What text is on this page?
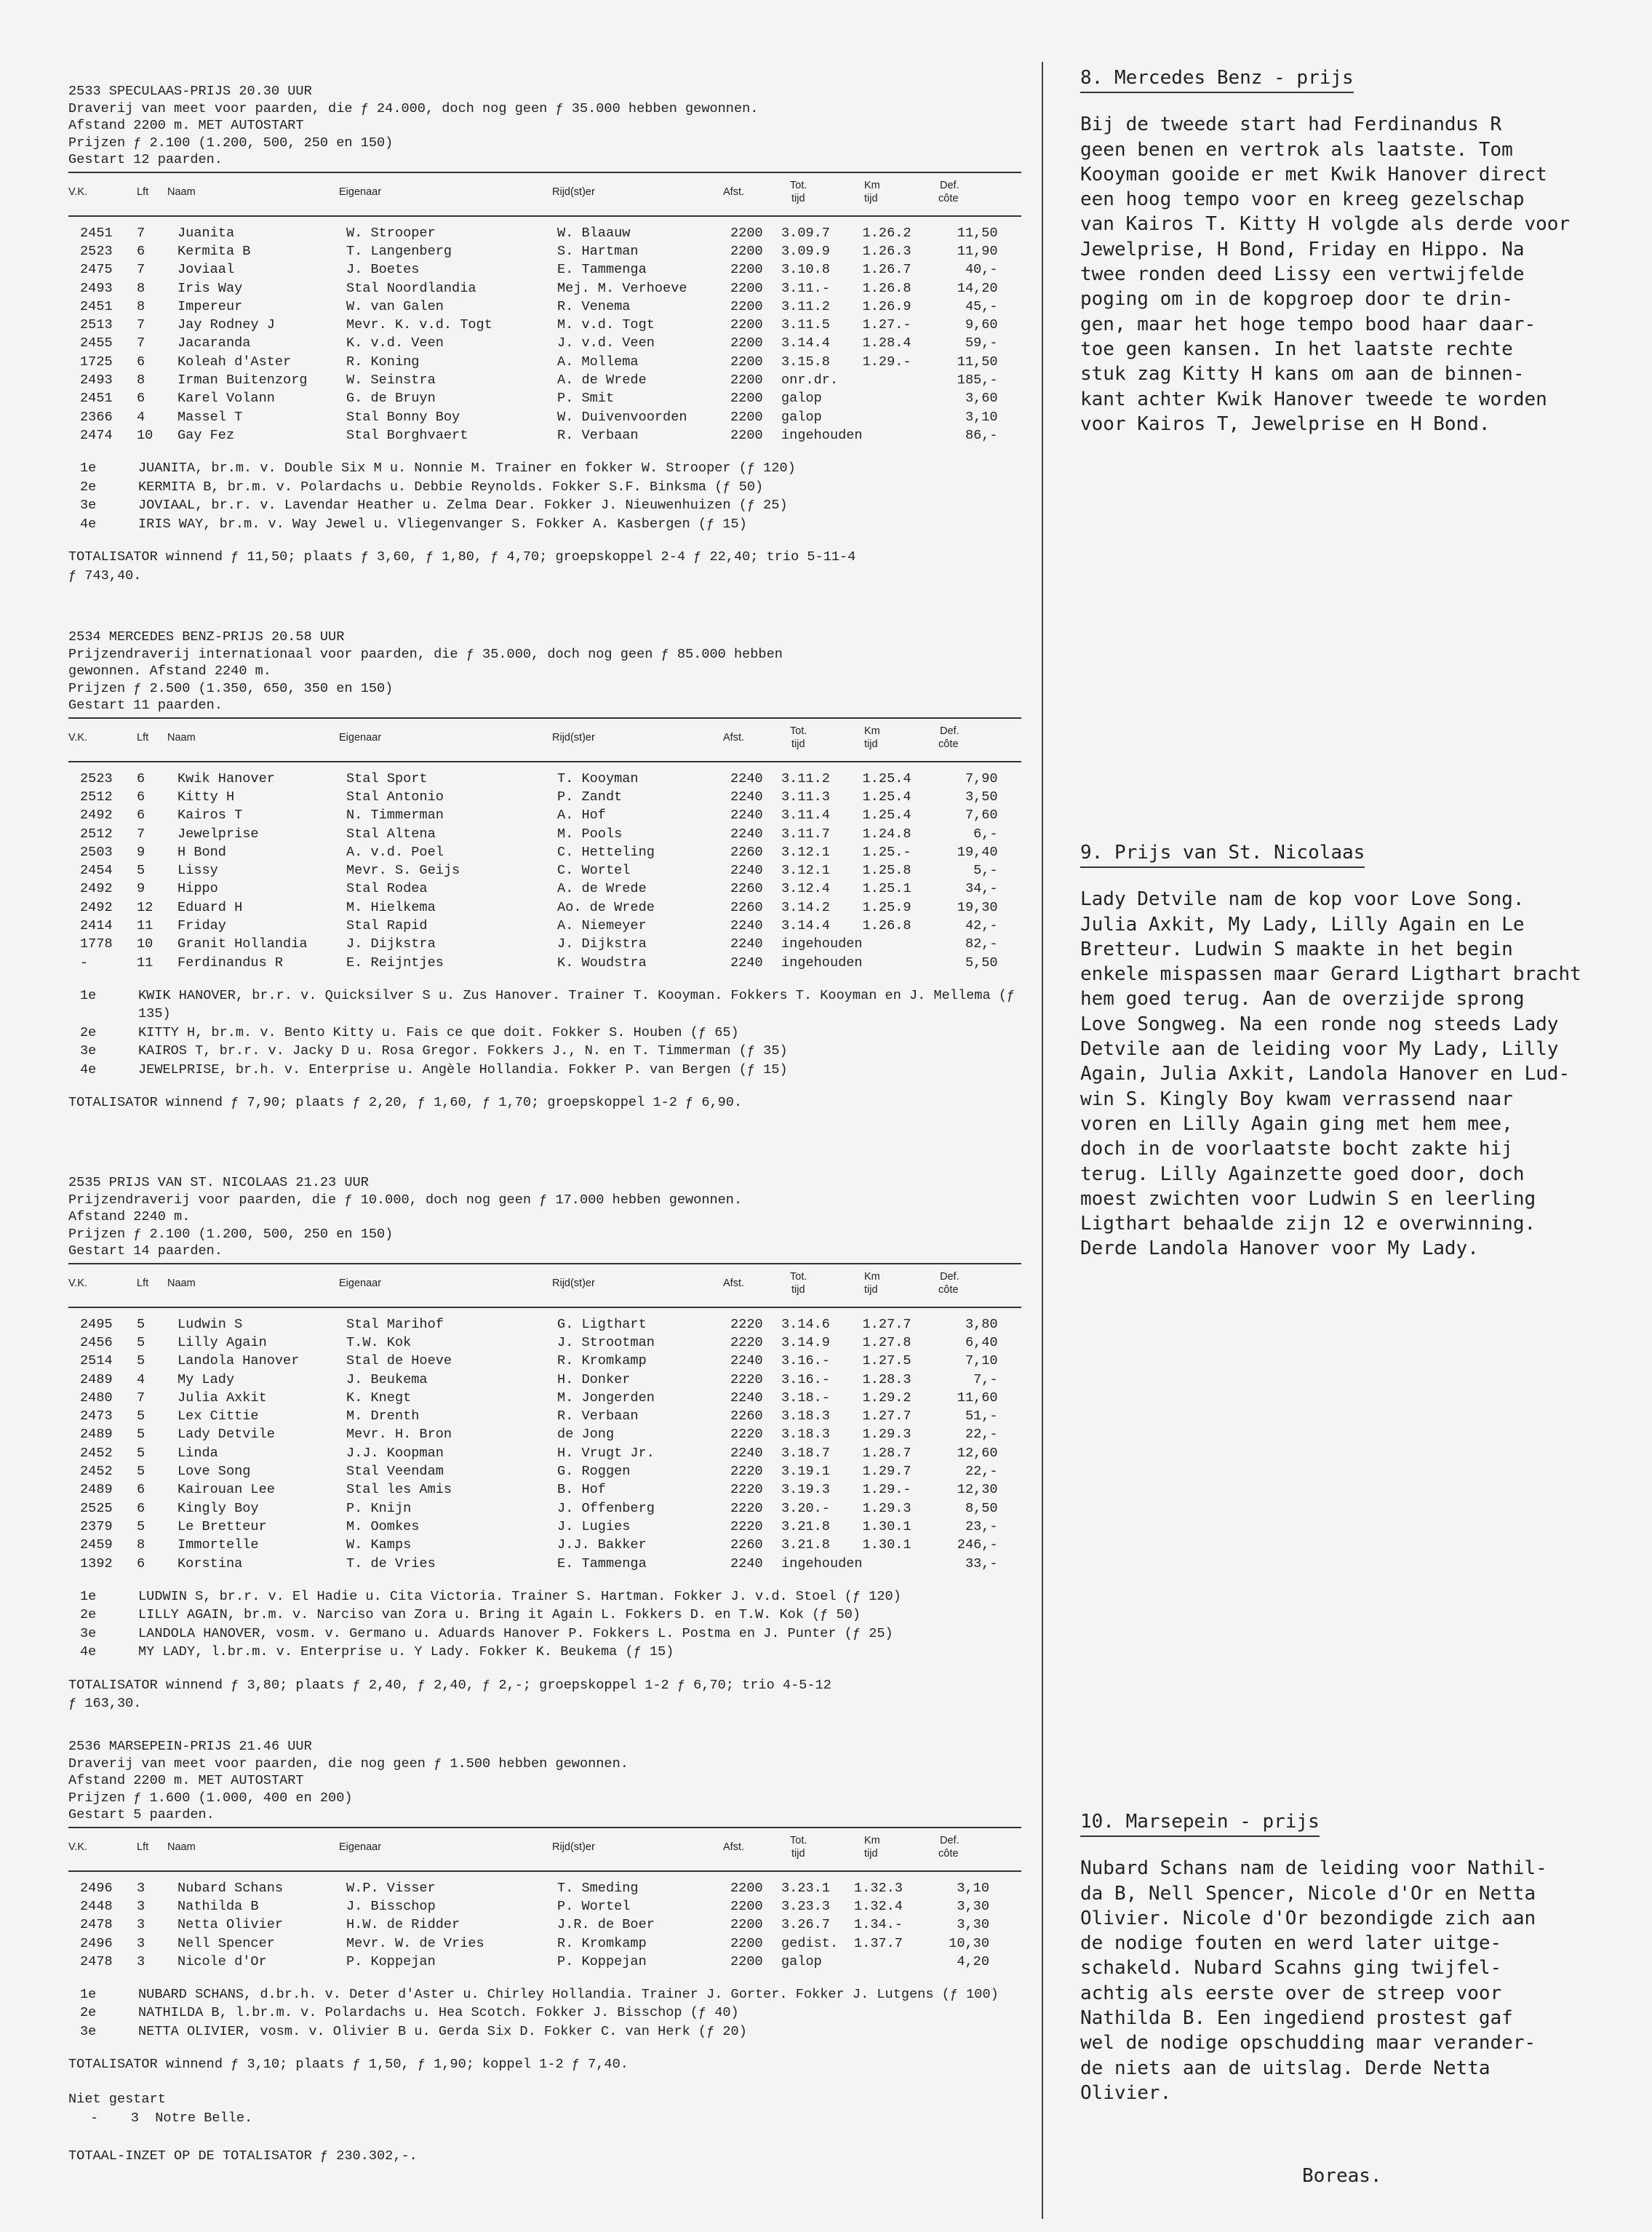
2533 SPECULAAS-PRIJS 20.30 UUR
Draverij van meet voor paarden, die ƒ 24.000, doch nog geen ƒ 35.000 hebben gewonnen.
Afstand 2200 m. MET AUTOSTART
Prijzen ƒ 2.100 (1.200, 500, 250 en 150)
Gestart 12 paarden.
V.K.	Lft Naam	Eigenaar	Rijd(st)er	Afst.
Tot.
tijd
Km
tijd
Def.
côte
2451	7	Juanita	W. Strooper	W. Blaauw	2200	3.09.7	1.26.2	11,50
2523	6	Kermita B	T. Langenberg	S. Hartman	2200	3.09.9	1.26.3	11,90
2475	7	Joviaal	J. Boetes	E. Tammenga	2200	3.10.8	1.26.7	40,-
2493	8	Iris Way	Stal Noordlandia	Mej. M. Verhoeve	2200	3.11.-	1.26.8	14,20
2451	8	Impereur	W. van Galen	R. Venema	2200	3.11.2	1.26.9	45,-
2513	7	Jay Rodney J	Mevr. K. v.d. Togt	M. v.d. Togt	2200	3.11.5	1.27.-	9,60
2455	7	Jacaranda	K. v.d. Veen	J. v.d. Veen	2200	3.14.4	1.28.4	59,-
1725	6	Koleah d'Aster	R. Koning	A. Mollema	2200	3.15.8	1.29.-	11,50
2493	8	Irman Buitenzorg	W. Seinstra	A. de Wrede	2200	onr.dr.		185,-
2451	6	Karel Volann	G. de Bruyn	P. Smit	2200	galop		3,60
2366	4	Massel T	Stal Bonny Boy	W. Duivenvoorden	2200	galop		3,10
2474	10	Gay Fez	Stal Borghvaert	R. Verbaan	2200	ingehouden		86,-
1e	JUANITA, br.m. v. Double Six M u. Nonnie M. Trainer en fokker W. Strooper (ƒ 120)
2e	KERMITA B, br.m. v. Polardachs u. Debbie Reynolds. Fokker S.F. Binksma (ƒ 50)
3e	JOVIAAL, br.r. v. Lavendar Heather u. Zelma Dear. Fokker J. Nieuwenhuizen (ƒ 25)
4e	IRIS WAY, br.m. v. Way Jewel u. Vliegenvanger S. Fokker A. Kasbergen (ƒ 15)
TOTALISATOR winnend ƒ 11,50; plaats ƒ 3,60, ƒ 1,80, ƒ 4,70; groepskoppel 2-4 ƒ 22,40; trio 5-11-4
ƒ 743,40.
2534 MERCEDES BENZ-PRIJS 20.58 UUR
Prijzendraverij internationaal voor paarden, die ƒ 35.000, doch nog geen ƒ 85.000 hebben
gewonnen. Afstand 2240 m.
Prijzen ƒ 2.500 (1.350, 650, 350 en 150)
Gestart 11 paarden.
V.K.	Lft Naam	Eigenaar	Rijd(st)er	Afst.
Tot.
tijd
Km
tijd
Def.
côte
2523	6	Kwik Hanover	Stal Sport	T. Kooyman	2240	3.11.2	1.25.4	7,90
2512	6	Kitty H	Stal Antonio	P. Zandt	2240	3.11.3	1.25.4	3,50
2492	6	Kairos T	N. Timmerman	A. Hof	2240	3.11.4	1.25.4	7,60
2512	7	Jewelprise	Stal Altena	M. Pools	2240	3.11.7	1.24.8	6,-
2503	9	H Bond	A. v.d. Poel	C. Hetteling	2260	3.12.1	1.25.-	19,40
2454	5	Lissy	Mevr. S. Geijs	C. Wortel	2240	3.12.1	1.25.8	5,-
2492	9	Hippo	Stal Rodea	A. de Wrede	2260	3.12.4	1.25.1	34,-
2492	12	Eduard H	M. Hielkema	Ao. de Wrede	2260	3.14.2	1.25.9	19,30
2414	11	Friday	Stal Rapid	A. Niemeyer	2240	3.14.4	1.26.8	42,-
1778	10	Granit Hollandia	J. Dijkstra	J. Dijkstra	2240	ingehouden		82,-
-	11	Ferdinandus R	E. Reijntjes	K. Woudstra	2240	ingehouden		5,50
1e	KWIK HANOVER, br.r. v. Quicksilver S u. Zus Hanover. Trainer T. Kooyman. Fokkers T. Kooyman en J. Mellema (ƒ 135)
2e	KITTY H, br.m. v. Bento Kitty u. Fais ce que doit. Fokker S. Houben (ƒ 65)
3e	KAIROS T, br.r. v. Jacky D u. Rosa Gregor. Fokkers J., N. en T. Timmerman (ƒ 35)
4e	JEWELPRISE, br.h. v. Enterprise u. Angèle Hollandia. Fokker P. van Bergen (ƒ 15)
TOTALISATOR winnend ƒ 7,90; plaats ƒ 2,20, ƒ 1,60, ƒ 1,70; groepskoppel 1-2 ƒ 6,90.
2535 PRIJS VAN ST. NICOLAAS 21.23 UUR
Prijzendraverij voor paarden, die ƒ 10.000, doch nog geen ƒ 17.000 hebben gewonnen.
Afstand 2240 m.
Prijzen ƒ 2.100 (1.200, 500, 250 en 150)
Gestart 14 paarden.
V.K.	Lft Naam	Eigenaar	Rijd(st)er	Afst.
Tot.
tijd
Km
tijd
Def.
côte
2495	5	Ludwin S	Stal Marihof	G. Ligthart	2220	3.14.6	1.27.7	3,80
2456	5	Lilly Again	T.W. Kok	J. Strootman	2220	3.14.9	1.27.8	6,40
2514	5	Landola Hanover	Stal de Hoeve	R. Kromkamp	2240	3.16.-	1.27.5	7,10
2489	4	My Lady	J. Beukema	H. Donker	2220	3.16.-	1.28.3	7,-
2480	7	Julia Axkit	K. Knegt	M. Jongerden	2240	3.18.-	1.29.2	11,60
2473	5	Lex Cittie	M. Drenth	R. Verbaan	2260	3.18.3	1.27.7	51,-
2489	5	Lady Detvile	Mevr. H. Bron	de Jong	2220	3.18.3	1.29.3	22,-
2452	5	Linda	J.J. Koopman	H. Vrugt Jr.	2240	3.18.7	1.28.7	12,60
2452	5	Love Song	Stal Veendam	G. Roggen	2220	3.19.1	1.29.7	22,-
2489	6	Kairouan Lee	Stal les Amis	B. Hof	2220	3.19.3	1.29.-	12,30
2525	6	Kingly Boy	P. Knijn	J. Offenberg	2220	3.20.-	1.29.3	8,50
2379	5	Le Bretteur	M. Oomkes	J. Lugies	2220	3.21.8	1.30.1	23,-
2459	8	Immortelle	W. Kamps	J.J. Bakker	2260	3.21.8	1.30.1	246,-
1392	6	Korstina	T. de Vries	E. Tammenga	2240	ingehouden		33,-
1e	LUDWIN S, br.r. v. El Hadie u. Cita Victoria. Trainer S. Hartman. Fokker J. v.d. Stoel (ƒ 120)
2e	LILLY AGAIN, br.m. v. Narciso van Zora u. Bring it Again L. Fokkers D. en T.W. Kok (ƒ 50)
3e	LANDOLA HANOVER, vosm. v. Germano u. Aduards Hanover P. Fokkers L. Postma en J. Punter (ƒ 25)
4e	MY LADY, l.br.m. v. Enterprise u. Y Lady. Fokker K. Beukema (ƒ 15)
TOTALISATOR winnend ƒ 3,80; plaats ƒ 2,40, ƒ 2,40, ƒ 2,-; groepskoppel 1-2 ƒ 6,70; trio 4-5-12
ƒ 163,30.
2536 MARSEPEIN-PRIJS 21.46 UUR
Draverij van meet voor paarden, die nog geen ƒ 1.500 hebben gewonnen.
Afstand 2200 m. MET AUTOSTART
Prijzen ƒ 1.600 (1.000, 400 en 200)
Gestart 5 paarden.
V.K.	Lft Naam	Eigenaar	Rijd(st)er	Afst.
Tot.
tijd
Km
tijd
Def.
côte
2496	3	Nubard Schans	W.P. Visser	T. Smeding	2200	3.23.1	1.32.3	3,10
2448	3	Nathilda B	J. Bisschop	P. Wortel	2200	3.23.3	1.32.4	3,30
2478	3	Netta Olivier	H.W. de Ridder	J.R. de Boer	2200	3.26.7	1.34.-	3,30
2496	3	Nell Spencer	Mevr. W. de Vries	R. Kromkamp	2200	gedist.	1.37.7	10,30
2478	3	Nicole d'Or	P. Koppejan	P. Koppejan	2200	galop		4,20
1e	NUBARD SCHANS, d.br.h. v. Deter d'Aster u. Chirley Hollandia. Trainer J. Gorter. Fokker J. Lutgens (ƒ 100)
2e	NATHILDA B, l.br.m. v. Polardachs u. Hea Scotch. Fokker J. Bisschop (ƒ 40)
3e	NETTA OLIVIER, vosm. v. Olivier B u. Gerda Six D. Fokker C. van Herk (ƒ 20)
TOTALISATOR winnend ƒ 3,10; plaats ƒ 1,50, ƒ 1,90; koppel 1-2 ƒ 7,40.
Niet gestart
-    3  Notre Belle.
TOTAAL-INZET OP DE TOTALISATOR ƒ 230.302,-.
8. Mercedes Benz - prijs
Bij de tweede start had Ferdinandus R
geen benen en vertrok als laatste. Tom
Kooyman gooide er met Kwik Hanover direct
een hoog tempo voor en kreeg gezelschap
van Kairos T. Kitty H volgde als derde voor
Jewelprise, H Bond, Friday en Hippo. Na
twee ronden deed Lissy een vertwijfelde
poging om in de kopgroep door te drin-
gen, maar het hoge tempo bood haar daar-
toe geen kansen. In het laatste rechte
stuk zag Kitty H kans om aan de binnen-
kant achter Kwik Hanover tweede te worden
voor Kairos T, Jewelprise en H Bond.
9. Prijs van St. Nicolaas
Lady Detvile nam de kop voor Love Song.
Julia Axkit, My Lady, Lilly Again en Le
Bretteur. Ludwin S maakte in het begin
enkele mispassen maar Gerard Ligthart bracht
hem goed terug. Aan de overzijde sprong
Love Songweg. Na een ronde nog steeds Lady
Detvile aan de leiding voor My Lady, Lilly
Again, Julia Axkit, Landola Hanover en Lud-
win S. Kingly Boy kwam verrassend naar
voren en Lilly Again ging met hem mee,
doch in de voorlaatste bocht zakte hij
terug. Lilly Againzette goed door, doch
moest zwichten voor Ludwin S en leerling
Ligthart behaalde zijn 12 e overwinning.
Derde Landola Hanover voor My Lady.
10. Marsepein - prijs
Nubard Schans nam de leiding voor Nathil-
da B, Nell Spencer, Nicole d'Or en Netta
Olivier. Nicole d'Or bezondigde zich aan
de nodige fouten en werd later uitge-
schakeld. Nubard Scahns ging twijfel-
achtig als eerste over de streep voor
Nathilda B. Een ingediend prostest gaf
wel de nodige opschudding maar verander-
de niets aan de uitslag. Derde Netta
Olivier.
Boreas.
